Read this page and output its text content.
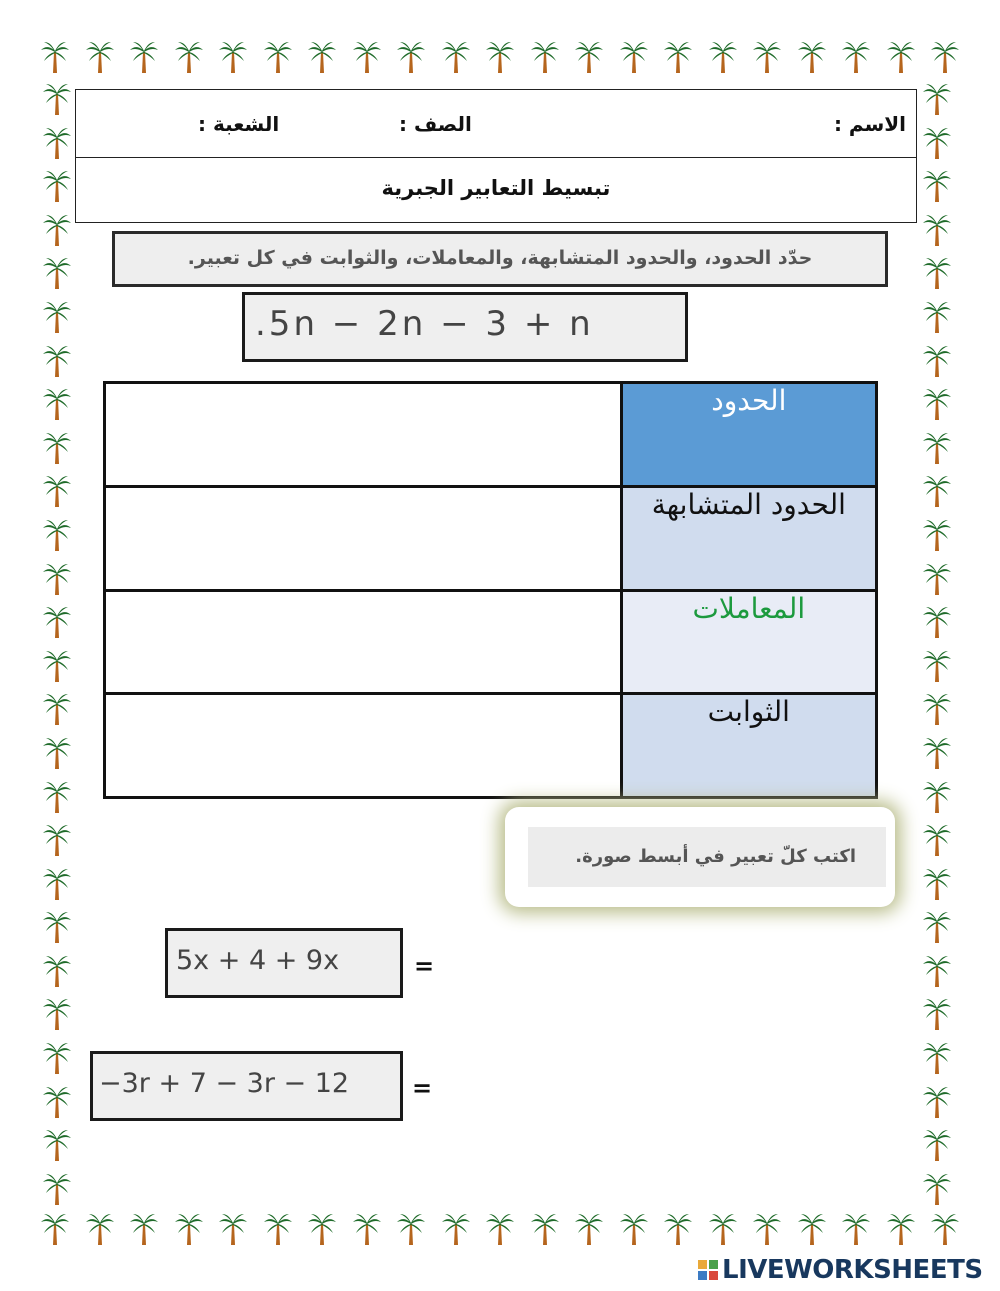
الاسم :
الصف :
الشعبة :
تبسيط التعابير الجبرية
حدّد الحدود، والحدود المتشابهة، والمعاملات، والثوابت في كل تعبير.
.5n − 2n − 3 + n
	الحدود
	الحدود المتشابهة
	المعاملات
	الثوابت
اكتب كلّ تعبير في أبسط صورة.
5x + 4 + 9x	=
−3r + 7 − 3r − 12	=
LIVEWORKSHEETS
